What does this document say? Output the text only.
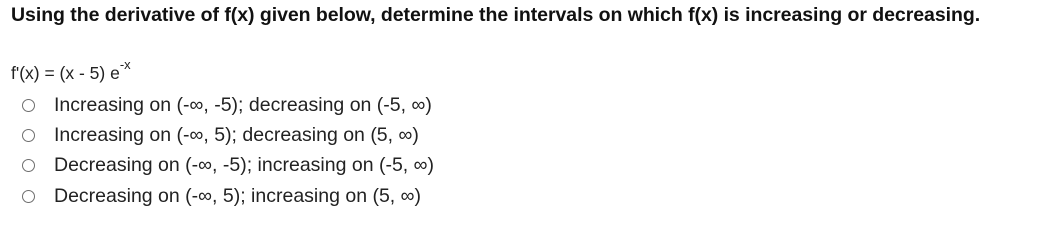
Using the derivative of f(x) given below, determine the intervals on which f(x) is increasing or decreasing.

f'(x) = (x - 5) $e^{-x}$
Increasing on (-∞, -5); decreasing on (-5, ∞)
Increasing on (-∞, 5); decreasing on (5, ∞)
Decreasing on (-∞, -5); increasing on (-5, ∞)
Decreasing on (-∞, 5); increasing on (5, ∞)
